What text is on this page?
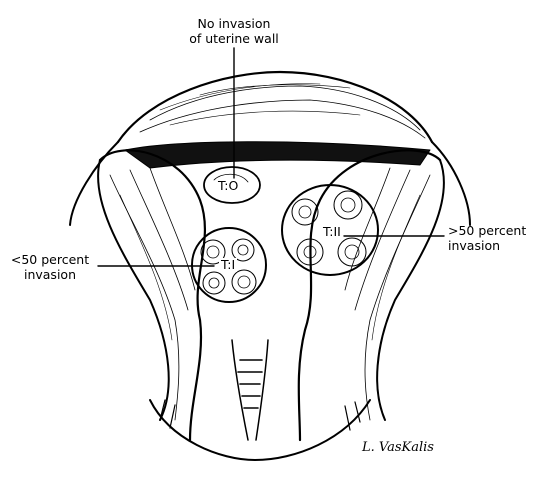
No invasion
of uterine wall
<50 percent
invasion
>50 percent
invasion
T:O
T:I
T:II
L. VasKalis
